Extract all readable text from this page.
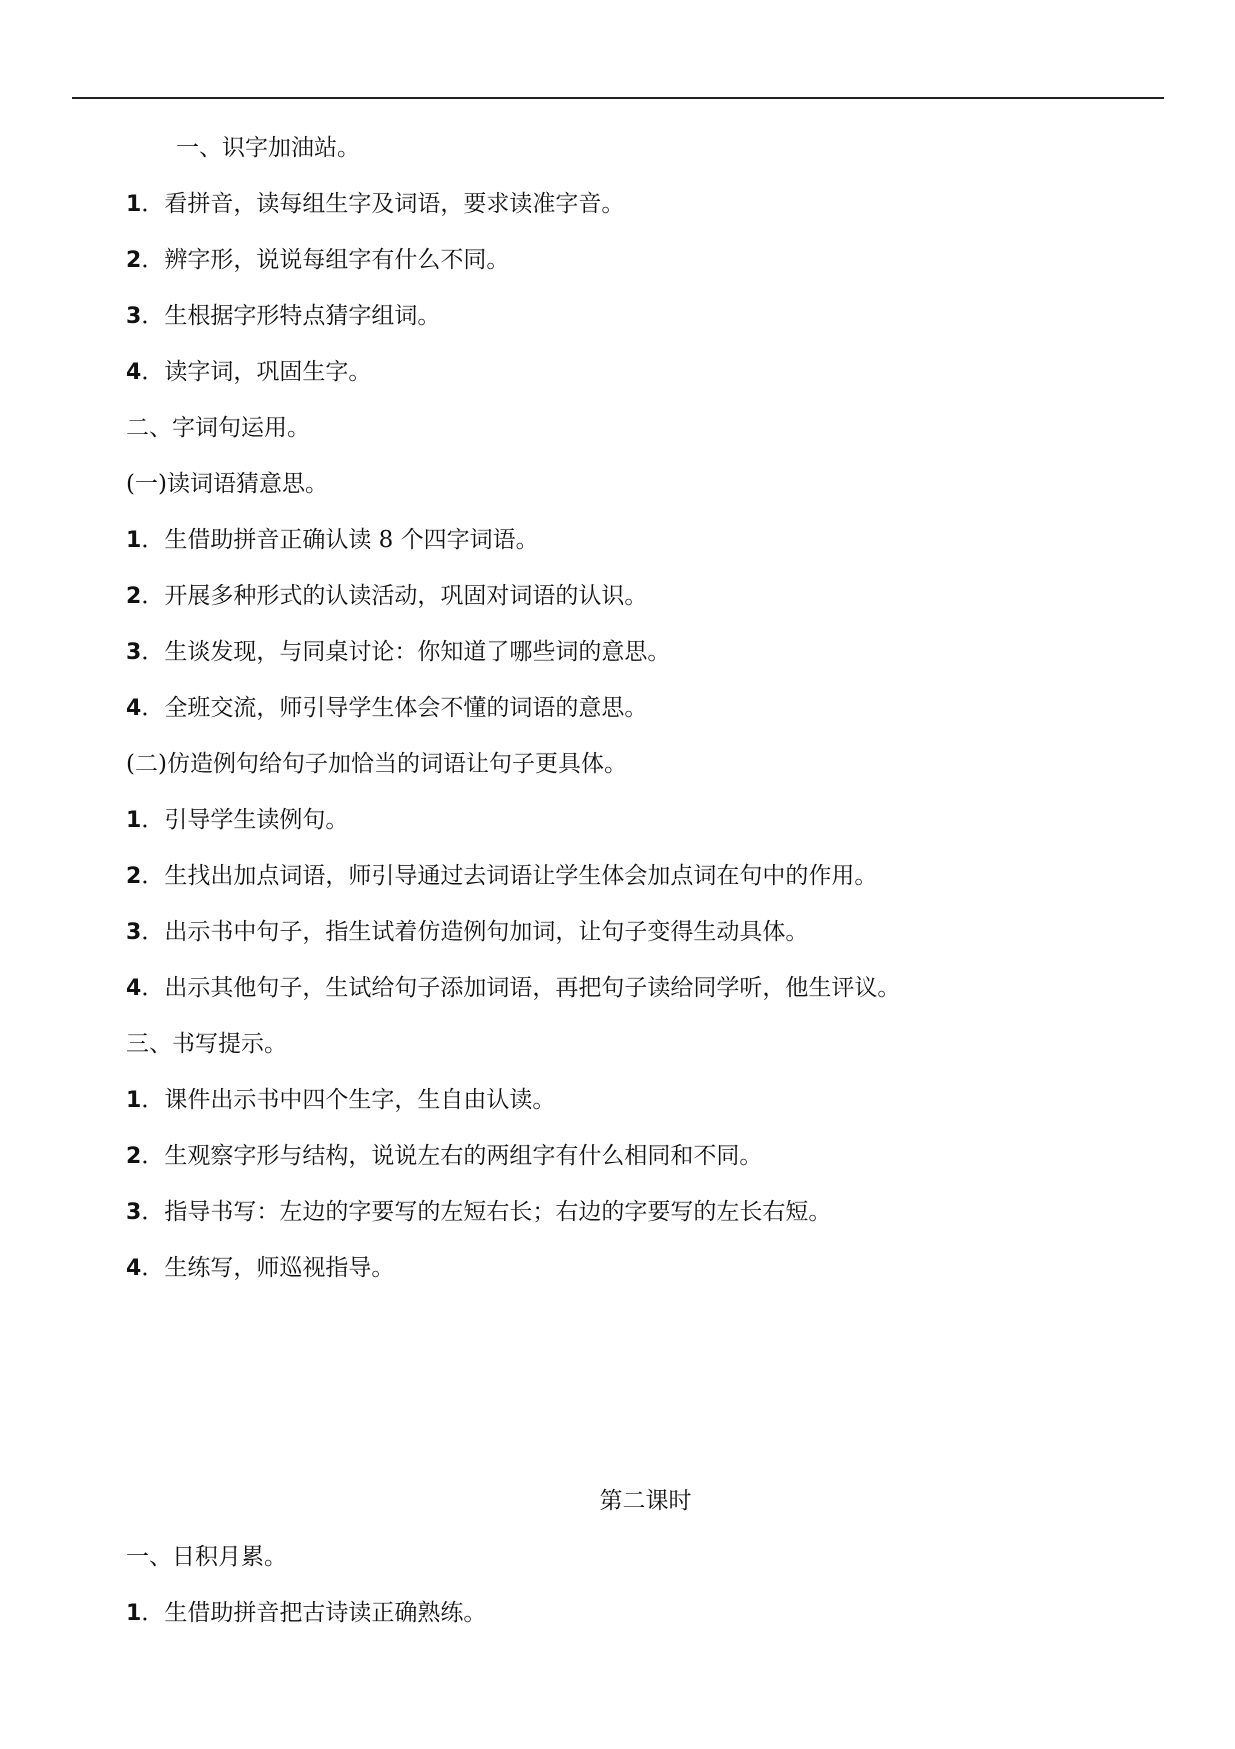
一、识字加油站。
1．看拼音，读每组生字及词语，要求读准字音。
2．辨字形，说说每组字有什么不同。
3．生根据字形特点猜字组词。
4．读字词，巩固生字。
二、字词句运用。
(一)读词语猜意思。
1．生借助拼音正确认读 8 个四字词语。
2．开展多种形式的认读活动，巩固对词语的认识。
3．生谈发现，与同桌讨论：你知道了哪些词的意思。
4．全班交流，师引导学生体会不懂的词语的意思。
(二)仿造例句给句子加恰当的词语让句子更具体。
1．引导学生读例句。
2．生找出加点词语，师引导通过去词语让学生体会加点词在句中的作用。
3．出示书中句子，指生试着仿造例句加词，让句子变得生动具体。
4．出示其他句子，生试给句子添加词语，再把句子读给同学听，他生评议。
三、书写提示。
1．课件出示书中四个生字，生自由认读。
2．生观察字形与结构，说说左右的两组字有什么相同和不同。
3．指导书写：左边的字要写的左短右长；右边的字要写的左长右短。
4．生练写，师巡视指导。
第二课时
一、日积月累。
1．生借助拼音把古诗读正确熟练。
